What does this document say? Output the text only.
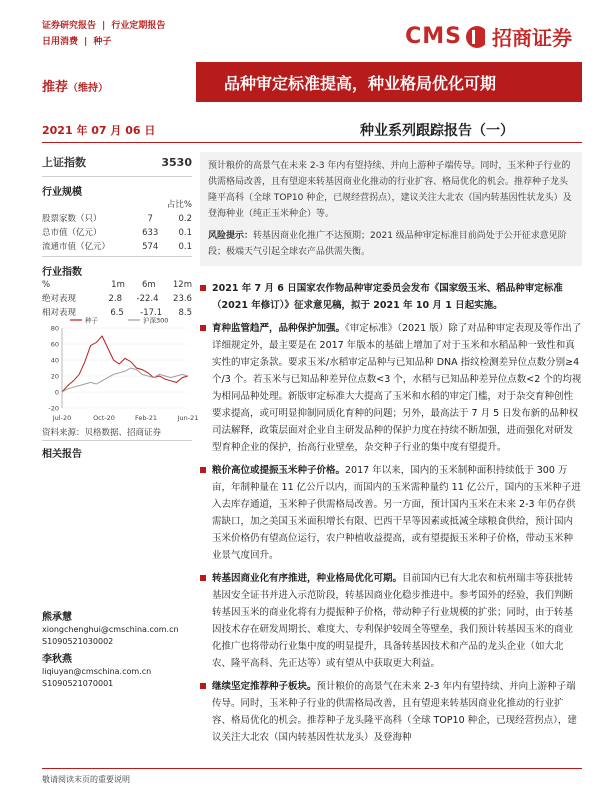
证券研究报告 | 行业定期报告
日用消费 | 种子	CMS 招商证券
推荐（维持）	品种审定标准提高，种业格局优化可期
2021 年 07 月 06 日	种业系列跟踪报告（一）
上证指数	3530
行业规模
占比%
股票家数（只）	7	0.2
总市值（亿元）	633 0.1
流通市值（亿元）	574 0.1
行业指数
%	1m 6m 12m
绝对表现	2.8 -22.4 23.6
相对表现	6.5 -17.1 8.5
80
60
40
20
0
-20
Jul-20	Oct-20	Feb-21	Jun-21
种子	沪深300
资料来源：贝格数据、招商证券
相关报告
熊承慧
xiongchenghui@cmschina.com.cn
S1090521030002
李秋燕
liqiuyan@cmschina.com.cn
S1090521070001

预计粮价的高景气在未来 2-3 年内有望持续、并向上游种子端传导。同时，玉米种子行业的供需格局改善，且有望迎来转基因商业化推动的行业扩容、格局优化的机会。推荐种子龙头隆平高科（全球 TOP10 种企，已规经营拐点），建议关注大北农（国内转基因性状龙头）及登海种业（纯正玉米种企）等。

风险提示：转基因商业化推广不达预期；2021 级品种审定标准目前尚处于公开征求意见阶段；极端天气引起全球农产品供需失衡。

2021 年 7 月 6 日国家农作物品种审定委员会发布《国家级玉米、稻品种审定标准（2021 年修订）》征求意见稿，拟于 2021 年 10 月 1 日起实施。
育种监管趋严，品种保护加强。《审定标准》（2021 版）除了对品种审定表现及等作出了详细规定外，最主要是在 2017 年版本的基础上增加了对于玉米和水稻品种一致性和真实性的审定条款。要求玉米/水稻审定品种与已知品种 DNA 指纹检测差异位点数分别≥4 个/3 个。若玉米与已知品种差异位点数<3 个，水稻与已知品种差异位点数<2 个的均视为相同品种处理。新版审定标准大大提高了玉米和水稻的审定门槛，对于杂交育种创性要求提高，或可明显抑制同质化育种的问题；另外，最高法于 7 月 5 日发布新的品种权司法解释，政策层面对企业自主研发品种的保护力度在持续不断加强，进而强化对研发型育种企业的保护，抬高行业壁垒，杂交种子行业的集中度有望提升。
粮价高位或提振玉米种子价格。2017 年以来，国内的玉米制种面积持续低于 300 万亩，年制种量在 11 亿公斤以内，而国内的玉米需种量约 11 亿公斤，国内的玉米种子进入去库存通道，玉米种子供需格局改善。另一方面，预计国内玉米在未来 2-3 年仍存供需缺口，加之美国玉米面积增长有限、巴西干旱等因素或抵减全球粮食供给，预计国内玉米价格仍有望高位运行，农户种植收益提高，或有望提振玉米种子价格，带动玉米种业景气度回升。
转基因商业化有序推进，种业格局优化可期。目前国内已有大北农和杭州瑞丰等获批转基因安全证书并进入示范阶段，转基因商业化稳步推进中。参考国外的经验，我们判断转基因玉米的商业化将有力提振种子价格，带动种子行业规模的扩张；同时，由于转基因技术存在研发周期长、难度大、专利保护较周全等壁垒，我们预计转基因玉米的商业化推广也将带动行业集中度的明显提升，具备转基因技术和产品的龙头企业（如大北农、隆平高科、先正达等）或有望从中获取更大利益。
继续坚定推荐种子板块。预计粮价的高景气在未来 2-3 年内有望持续、并向上游种子端传导。同时，玉米种子行业的供需格局改善，且有望迎来转基因商业化推动的行业扩容、格局优化的机会。推荐种子龙头隆平高科（全球 TOP10 种企，已现经营拐点），建议关注大北农（国内转基因性状龙头）及登海种
敬请阅读末页的重要说明
